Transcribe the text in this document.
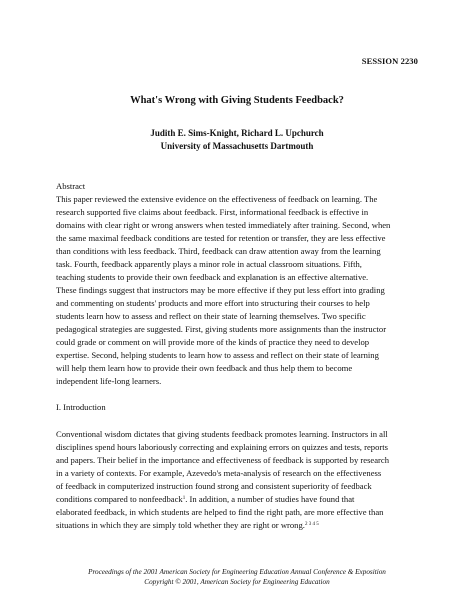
SESSION 2230
What's Wrong with Giving Students Feedback?
Judith E. Sims-Knight, Richard L. Upchurch
University of Massachusetts Dartmouth
Abstract
This paper reviewed the extensive evidence on the effectiveness of feedback on learning. The
research supported five claims about feedback. First, informational feedback is effective in
domains with clear right or wrong answers when tested immediately after training. Second, when
the same maximal feedback conditions are tested for retention or transfer, they are less effective
than conditions with less feedback. Third, feedback can draw attention away from the learning
task. Fourth, feedback apparently plays a minor role in actual classroom situations. Fifth,
teaching students to provide their own feedback and explanation is an effective alternative.
These findings suggest that instructors may be more effective if they put less effort into grading
and commenting on students' products and more effort into structuring their courses to help
students learn how to assess and reflect on their state of learning themselves. Two specific
pedagogical strategies are suggested. First, giving students more assignments than the instructor
could grade or comment on will provide more of the kinds of practice they need to develop
expertise. Second, helping students to learn how to assess and reflect on their state of learning
will help them learn how to provide their own feedback and thus help them to become
independent life-long learners.
I. Introduction
Conventional wisdom dictates that giving students feedback promotes learning. Instructors in all
disciplines spend hours laboriously correcting and explaining errors on quizzes and tests, reports
and papers. Their belief in the importance and effectiveness of feedback is supported by research
in a variety of contexts. For example, Azevedo's meta-analysis of research on the effectiveness
of feedback in computerized instruction found strong and consistent superiority of feedback
conditions compared to nonfeedback$^1$. In addition, a number of studies have found that
elaborated feedback, in which students are helped to find the right path, are more effective than
situations in which they are simply told whether they are right or wrong.$^{2 3 4 5}$
Proceedings of the 2001 American Society for Engineering Education Annual Conference & Exposition
Copyright © 2001, American Society for Engineering Education
